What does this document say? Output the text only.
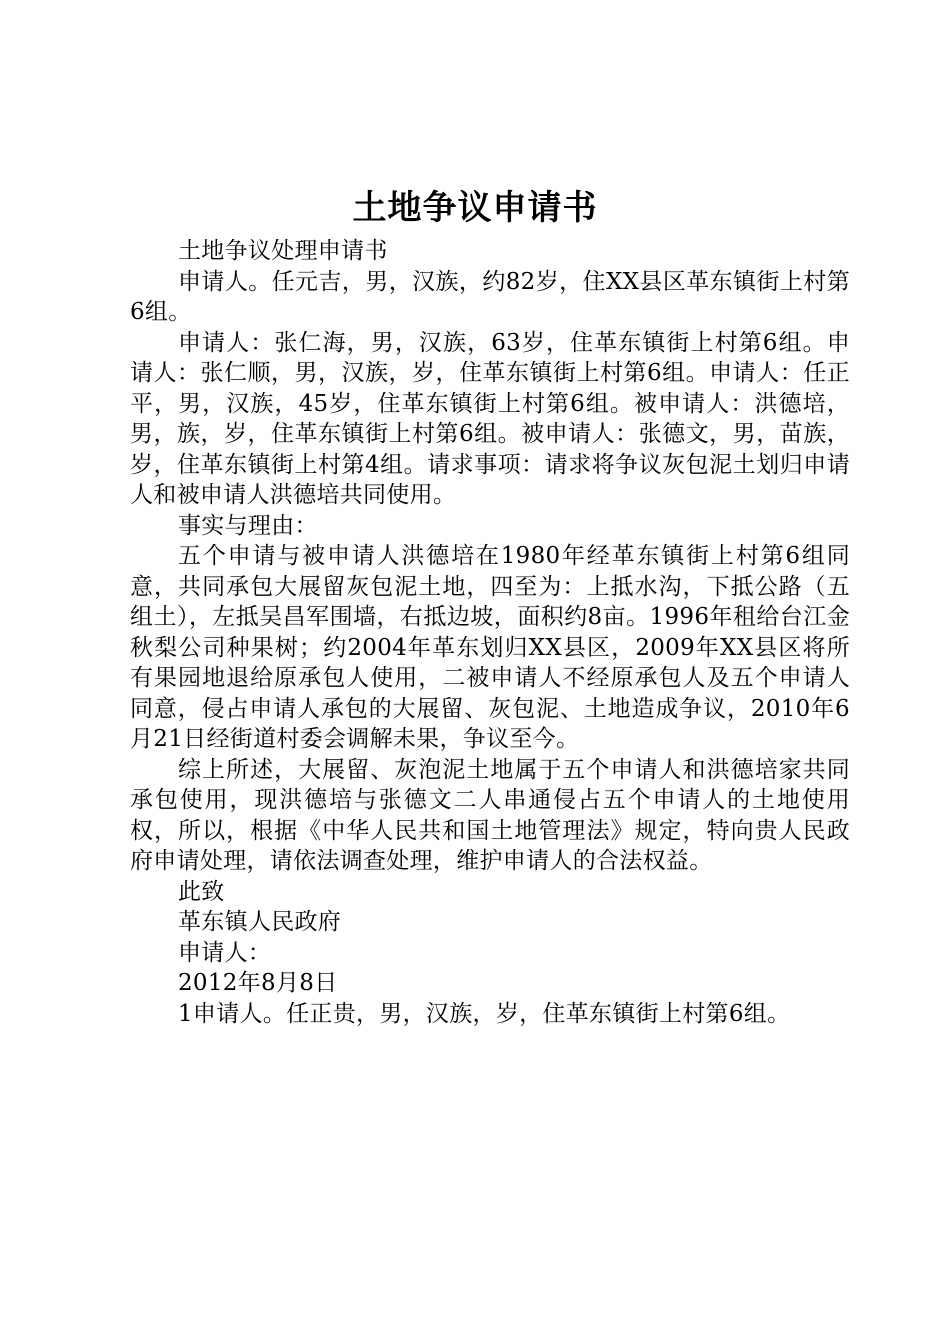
土地争议申请书

土地争议处理申请书

申请人。任元吉，男，汉族，约82岁，住XX县区革东镇街上村第6组。

申请人：张仁海，男，汉族，63岁，住革东镇街上村第6组。申请人：张仁顺，男，汉族，岁，住革东镇街上村第6组。申请人：任正平，男，汉族，45岁，住革东镇街上村第6组。被申请人：洪德培，男，族，岁，住革东镇街上村第6组。被申请人：张德文，男，苗族，岁，住革东镇街上村第4组。请求事项：请求将争议灰包泥土划归申请人和被申请人洪德培共同使用。

事实与理由：

五个申请与被申请人洪德培在1980年经革东镇街上村第6组同意，共同承包大展留灰包泥土地，四至为：上抵水沟，下抵公路（五组土），左抵吴昌军围墙，右抵边坡，面积约8亩。1996年租给台江金秋梨公司种果树；约2004年革东划归XX县区，2009年XX县区将所有果园地退给原承包人使用，二被申请人不经原承包人及五个申请人同意，侵占申请人承包的大展留、灰包泥、土地造成争议，2010年6月21日经街道村委会调解未果，争议至今。

综上所述，大展留、灰泡泥土地属于五个申请人和洪德培家共同承包使用，现洪德培与张德文二人串通侵占五个申请人的土地使用权，所以，根据《中华人民共和国土地管理法》规定，特向贵人民政府申请处理，请依法调查处理，维护申请人的合法权益。

此致

革东镇人民政府

申请人：

2012年8月8日

1申请人。任正贵，男，汉族，岁，住革东镇街上村第6组。
